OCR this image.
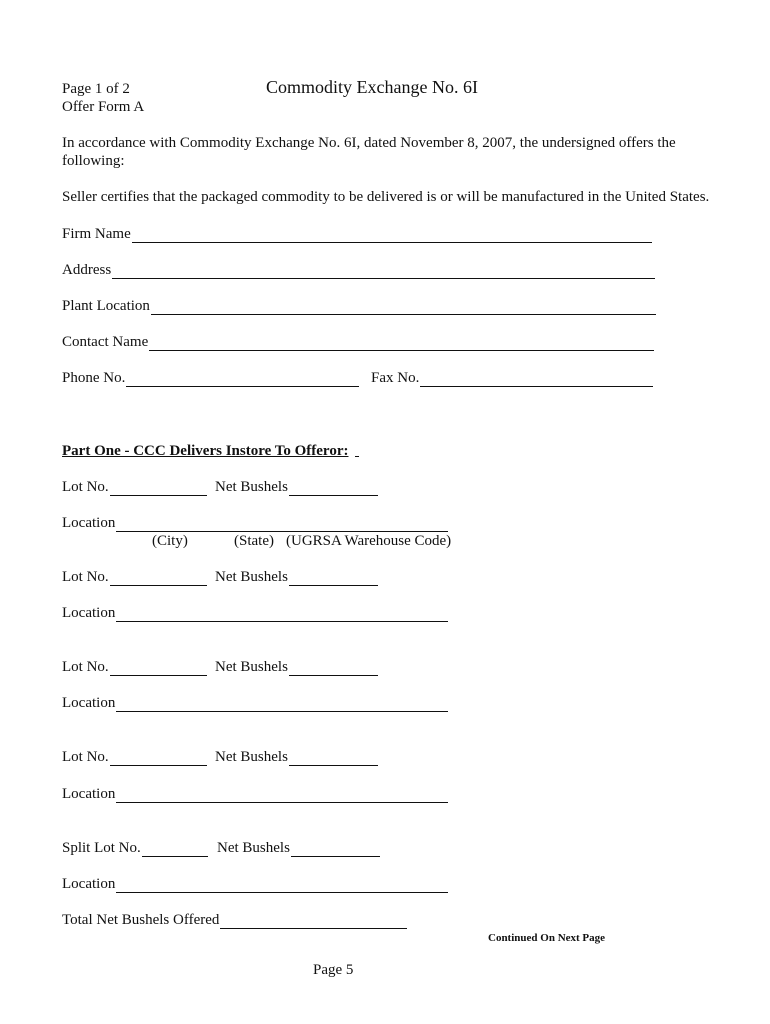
Page 1 of 2	Commodity Exchange No. 6I
Offer Form A

In accordance with Commodity Exchange No. 6I, dated November 8, 2007, the undersigned offers the following:

Seller certifies that the packaged commodity to be delivered is or will be manufactured in the United States.

Firm Name
Address
Plant Location
Contact Name
Phone No.	Fax No.
Part One - CCC Delivers Instore To Offeror:
Lot No.	Net Bushels
Location
(City)	(State) (UGRSA Warehouse Code)
Lot No.	Net Bushels
Location
Lot No.	Net Bushels
Location
Lot No.	Net Bushels
Location
Split Lot No.	Net Bushels
Location
Total Net Bushels Offered
Continued On Next Page
Page 5
